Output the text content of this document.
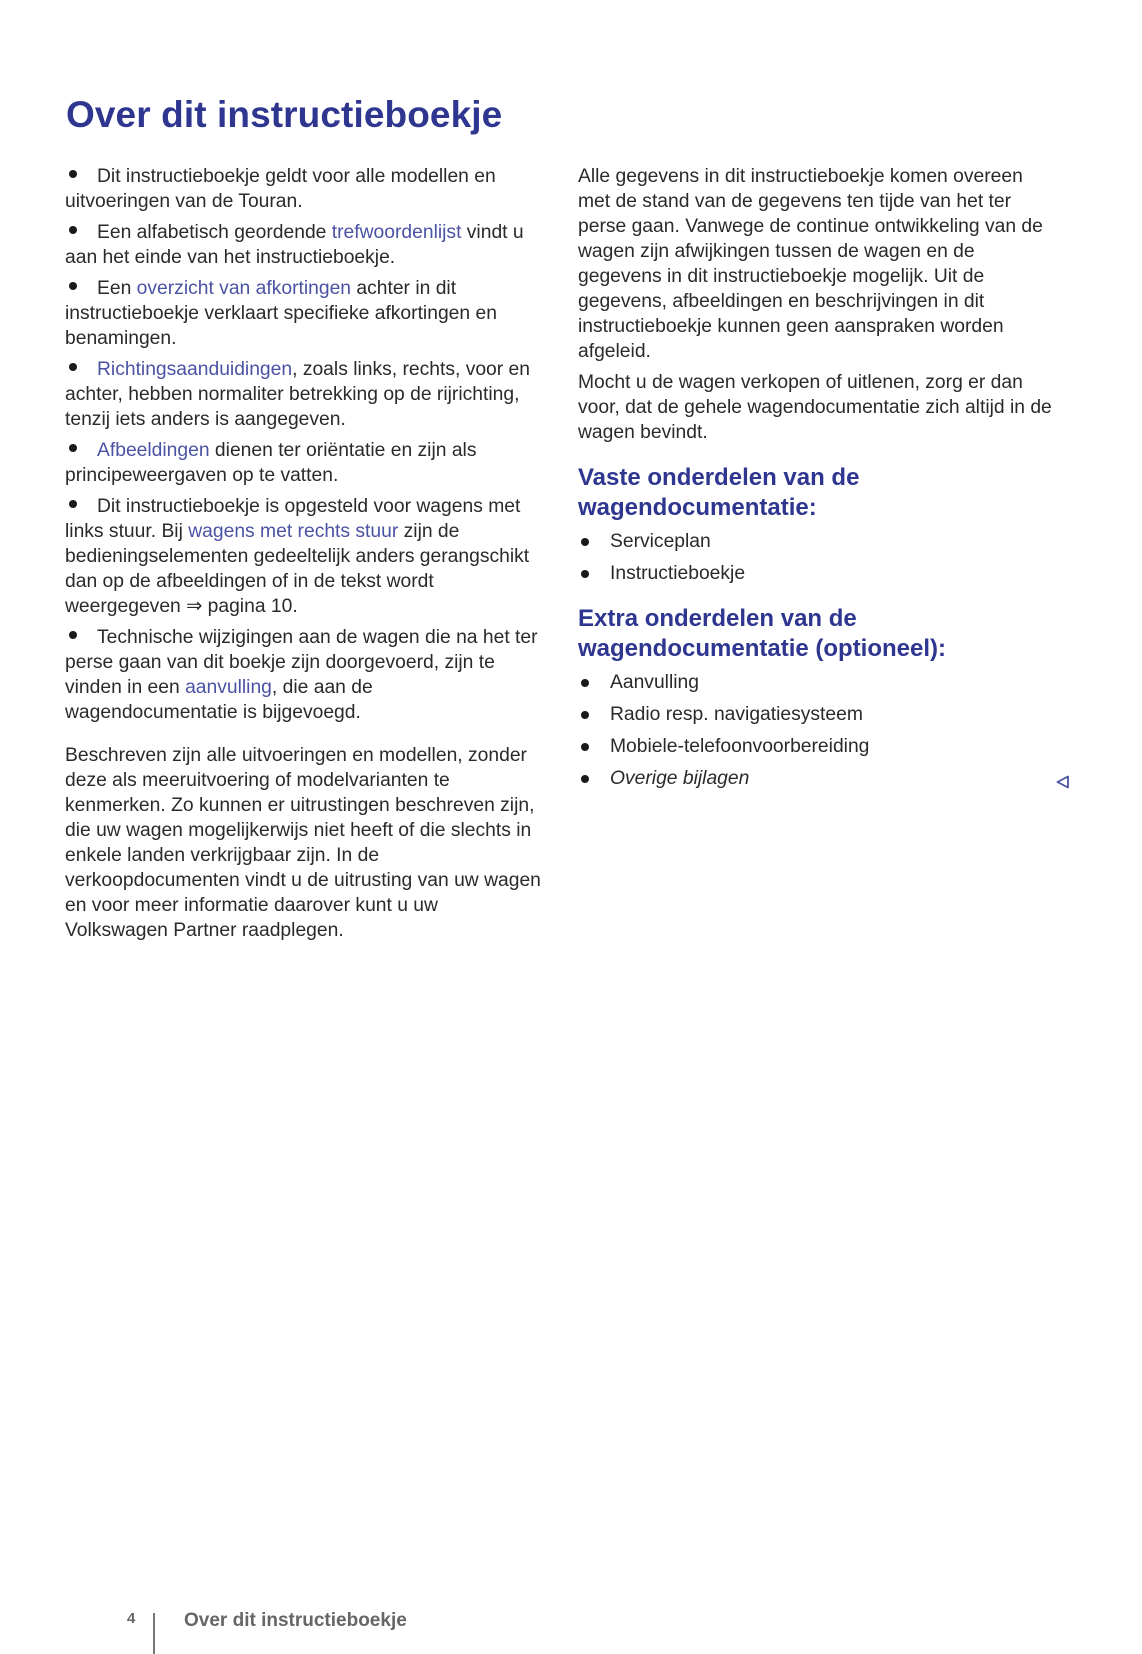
Over dit instructieboekje

Dit instructieboekje geldt voor alle modellen en uitvoeringen van de Touran.

Een alfabetisch geordende trefwoordenlijst vindt u aan het einde van het instructieboekje.

Een overzicht van afkortingen achter in dit instructieboekje verklaart specifieke afkortingen en benamingen.

Richtingsaanduidingen, zoals links, rechts, voor en achter, hebben normaliter betrekking op de rijrichting, tenzij iets anders is aangegeven.

Afbeeldingen dienen ter oriëntatie en zijn als principeweergaven op te vatten.

Dit instructieboekje is opgesteld voor wagens met links stuur. Bij wagens met rechts stuur zijn de bedieningselementen gedeeltelijk anders gerangschikt dan op de afbeeldingen of in de tekst wordt weergegeven ⇒ pagina 10.

Technische wijzigingen aan de wagen die na het ter perse gaan van dit boekje zijn doorgevoerd, zijn te vinden in een aanvulling, die aan de wagendocumentatie is bijgevoegd.

Beschreven zijn alle uitvoeringen en modellen, zonder deze als meeruitvoering of modelvarianten te kenmerken. Zo kunnen er uitrustingen beschreven zijn, die uw wagen mogelijkerwijs niet heeft of die slechts in enkele landen verkrijgbaar zijn. In de verkoopdocumenten vindt u de uitrusting van uw wagen en voor meer informatie daarover kunt u uw Volkswagen Partner raadplegen.

Alle gegevens in dit instructieboekje komen overeen met de stand van de gegevens ten tijde van het ter perse gaan. Vanwege de continue ontwikkeling van de wagen zijn afwijkingen tussen de wagen en de gegevens in dit instructieboekje mogelijk. Uit de gegevens, afbeeldingen en beschrijvingen in dit instructieboekje kunnen geen aanspraken worden afgeleid.

Mocht u de wagen verkopen of uitlenen, zorg er dan voor, dat de gehele wagendocumentatie zich altijd in de wagen bevindt.

Vaste onderdelen van de wagendocumentatie:
Serviceplan
Instructieboekje
Extra onderdelen van de wagendocumentatie (optioneel):
Aanvulling
Radio resp. navigatiesysteem
Mobiele-telefoonvoorbereiding
Overige bijlagen
4	Over dit instructieboekje
